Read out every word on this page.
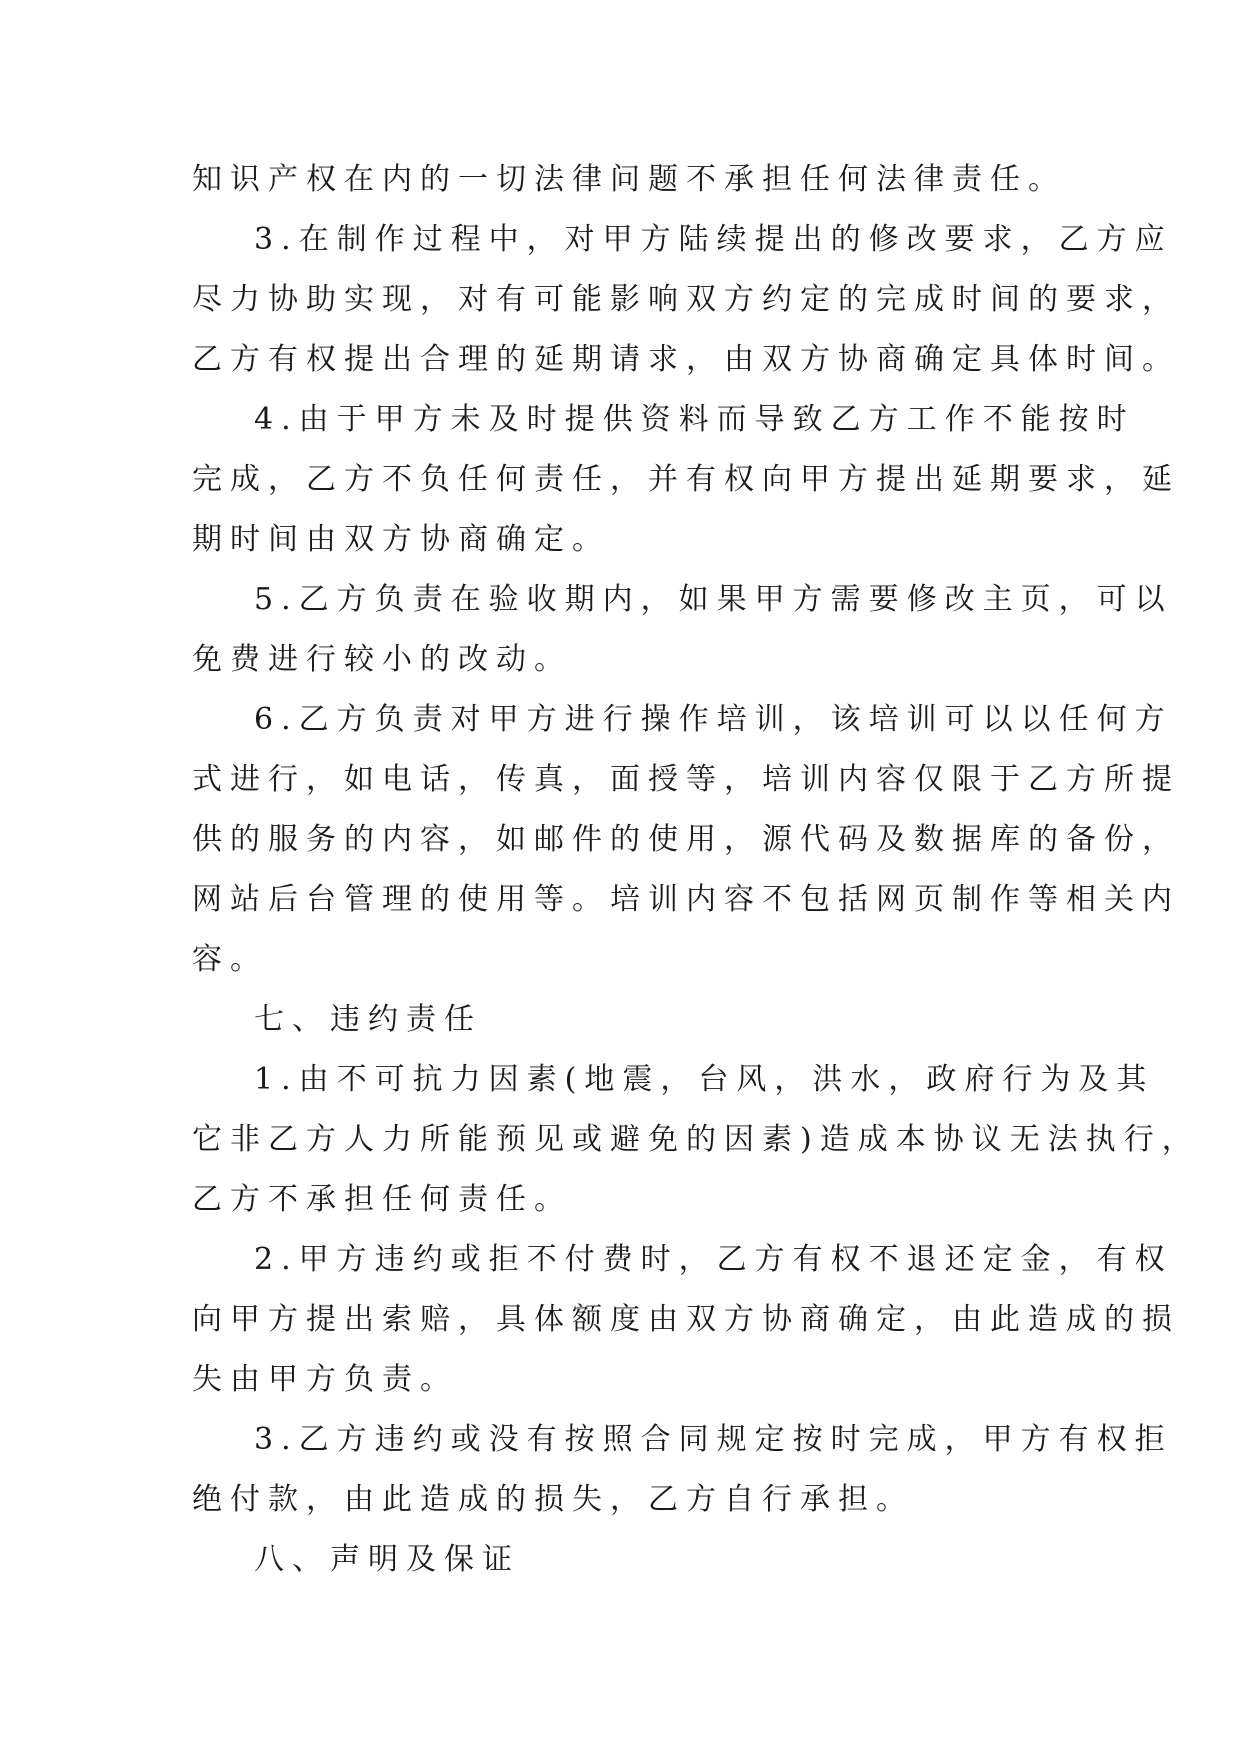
知识产权在内的一切法律问题不承担任何法律责任。
3.在制作过程中，对甲方陆续提出的修改要求，乙方应
尽力协助实现，对有可能影响双方约定的完成时间的要求，
乙方有权提出合理的延期请求，由双方协商确定具体时间。
4.由于甲方未及时提供资料而导致乙方工作不能按时
完成，乙方不负任何责任，并有权向甲方提出延期要求，延
期时间由双方协商确定。
5.乙方负责在验收期内，如果甲方需要修改主页，可以
免费进行较小的改动。
6.乙方负责对甲方进行操作培训，该培训可以以任何方
式进行，如电话，传真，面授等，培训内容仅限于乙方所提
供的服务的内容，如邮件的使用，源代码及数据库的备份，
网站后台管理的使用等。培训内容不包括网页制作等相关内
容。
七、违约责任
1.由不可抗力因素(地震，台风，洪水，政府行为及其
它非乙方人力所能预见或避免的因素)造成本协议无法执行，
乙方不承担任何责任。
2.甲方违约或拒不付费时，乙方有权不退还定金，有权
向甲方提出索赔，具体额度由双方协商确定，由此造成的损
失由甲方负责。
3.乙方违约或没有按照合同规定按时完成，甲方有权拒
绝付款，由此造成的损失，乙方自行承担。
八、声明及保证
